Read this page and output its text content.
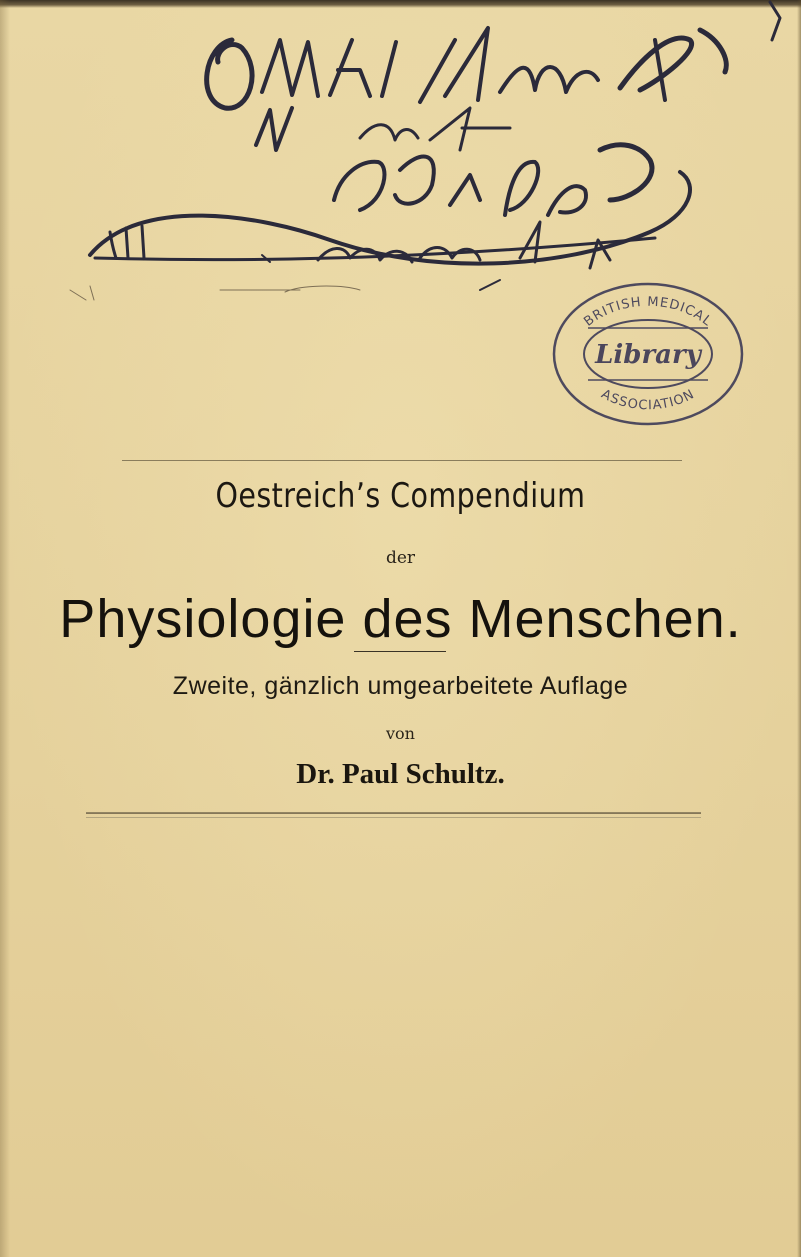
BRITISH MEDICAL
Library
ASSOCIATION
Oestreich’s Compendium
der
Physiologie des Menschen.
Zweite, gänzlich umgearbeitete Auflage
von
Dr. Paul Schultz.
